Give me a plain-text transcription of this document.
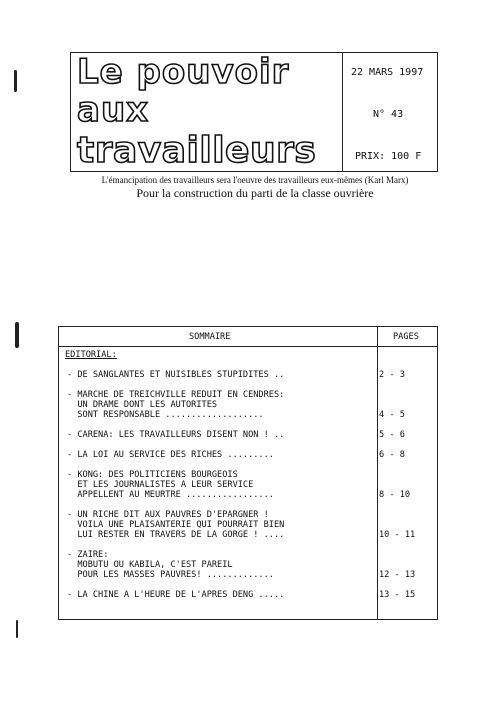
Le pouvoir
aux
travailleurs
22 MARS 1997
N° 43
PRIX: 100 F
L'émancipation des travailleurs sera l'oeuvre des travailleurs eux-mêmes (Karl Marx)
Pour la construction du parti de la classe ouvrière
SOMMAIRE	PAGES
EDITORIAL:
- DE SANGLANTES ET NUISIBLES STUPIDITES ..	2 - 3
- MARCHE DE TREICHVILLE REDUIT EN CENDRES:
UN DRAME DONT LES AUTORITES
SONT RESPONSABLE ...................	4 - 5
- CARENA: LES TRAVAILLEURS DISENT NON ! ..	5 - 6
- LA LOI AU SERVICE DES RICHES .........	6 - 8
- KONG: DES POLITICIENS BOURGEOIS
ET LES JOURNALISTES A LEUR SERVICE
APPELLENT AU MEURTRE .................	8 - 10
- UN RICHE DIT AUX PAUVRES D'EPARGNER !
VOILA UNE PLAISANTERIE QUI POURRAIT BIEN
LUI RESTER EN TRAVERS DE LA GORGE ! ....	10 - 11
- ZAIRE:
MOBUTU OU KABILA, C'EST PAREIL
POUR LES MASSES PAUVRES! .............	12 - 13
- LA CHINE A L'HEURE DE L'APRES DENG .....	13 - 15
